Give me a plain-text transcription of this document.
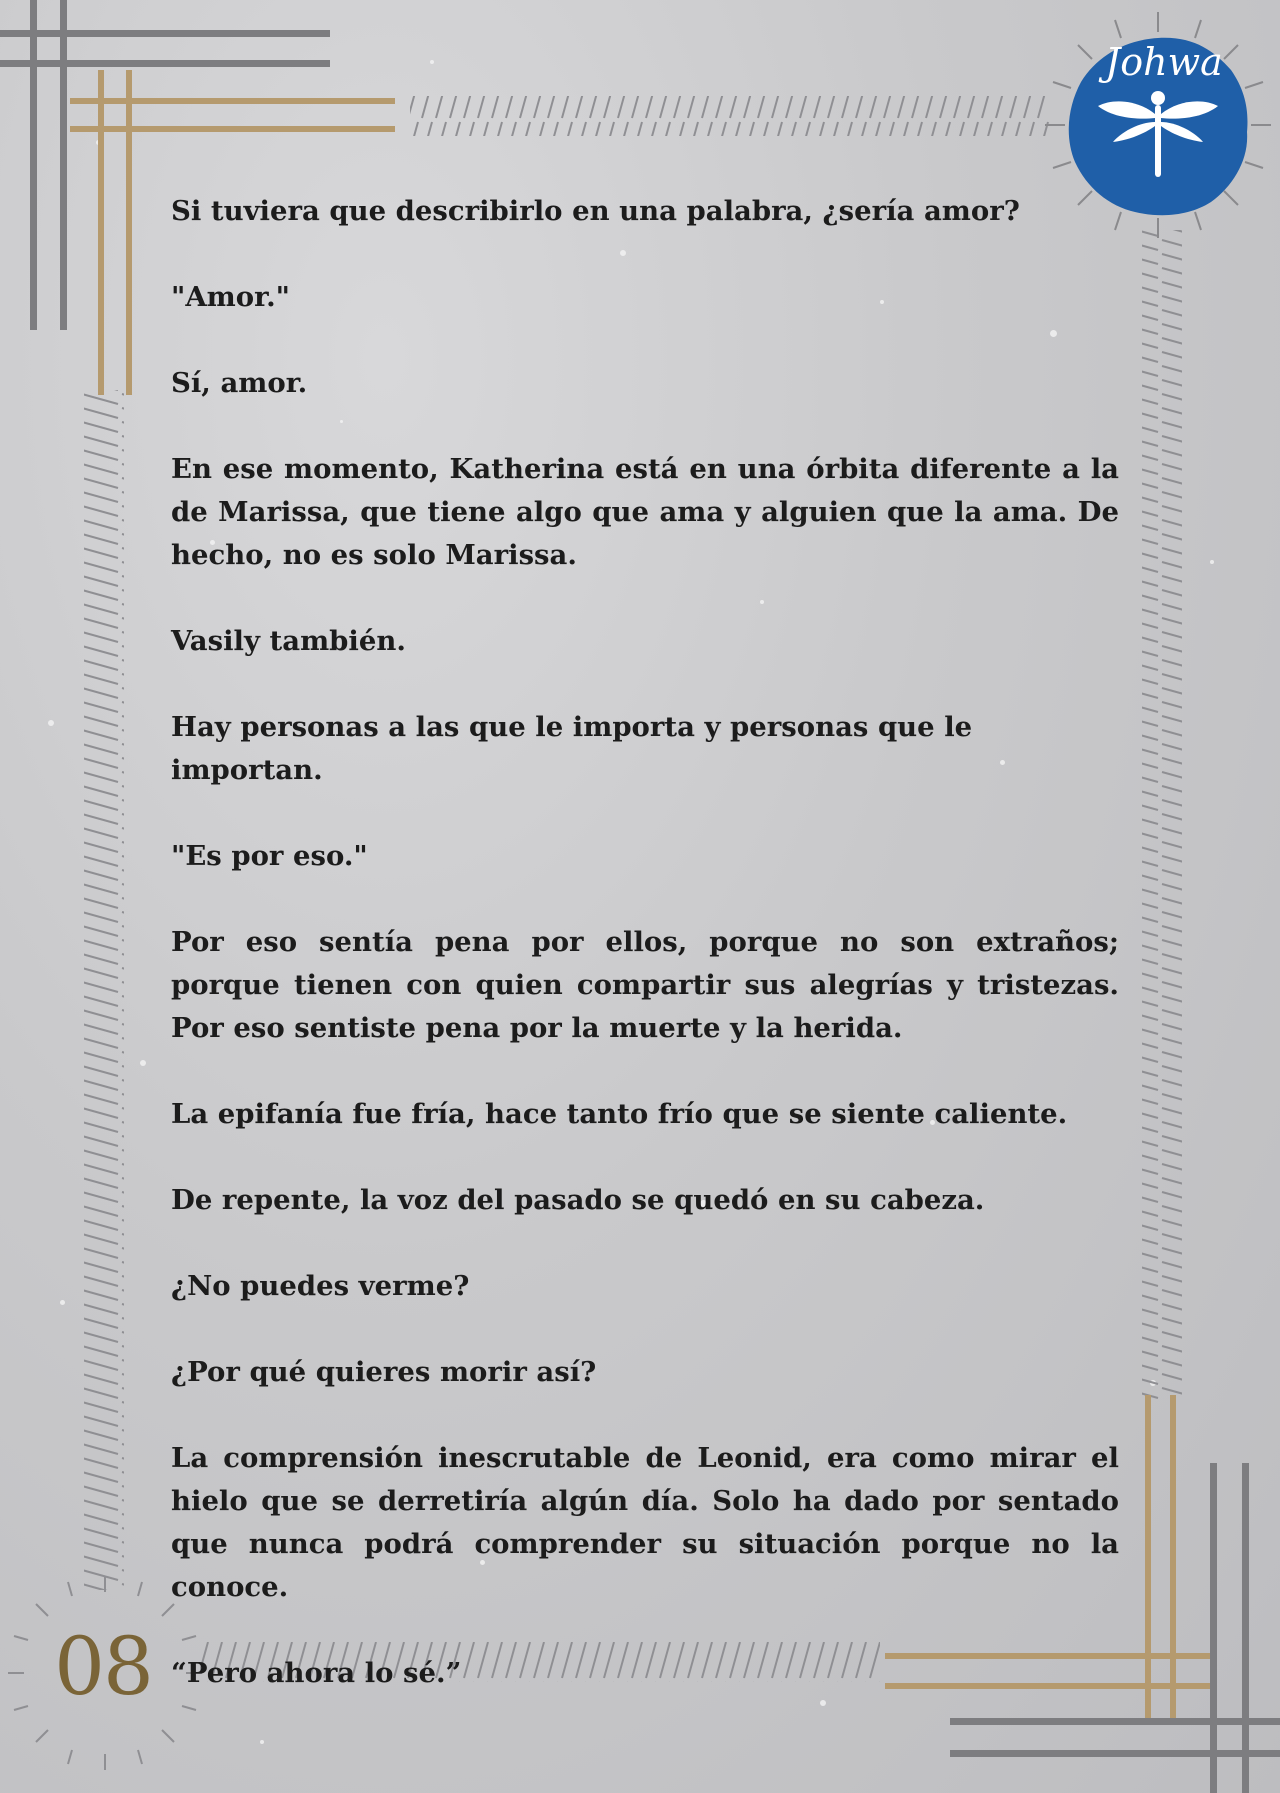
Johwa
08

Si tuviera que describirlo en una palabra, ¿sería amor?

"Amor."

Sí, amor.

En ese momento, Katherina está en una órbita diferente a la de Marissa, que tiene algo que ama y alguien que la ama. De hecho, no es solo Marissa.

Vasily también.

Hay personas a las que le importa y personas que le importan.

"Es por eso."

Por eso sentía pena por ellos, porque no son extraños; porque tienen con quien compartir sus alegrías y tristezas. Por eso sentiste pena por la muerte y la herida.

La epifanía fue fría, hace tanto frío que se siente caliente.

De repente, la voz del pasado se quedó en su cabeza.

¿No puedes verme?

¿Por qué quieres morir así?

La comprensión inescrutable de Leonid, era como mirar el hielo que se derretiría algún día. Solo ha dado por sentado que nunca podrá comprender su situación porque no la conoce.

“Pero ahora lo sé.”
